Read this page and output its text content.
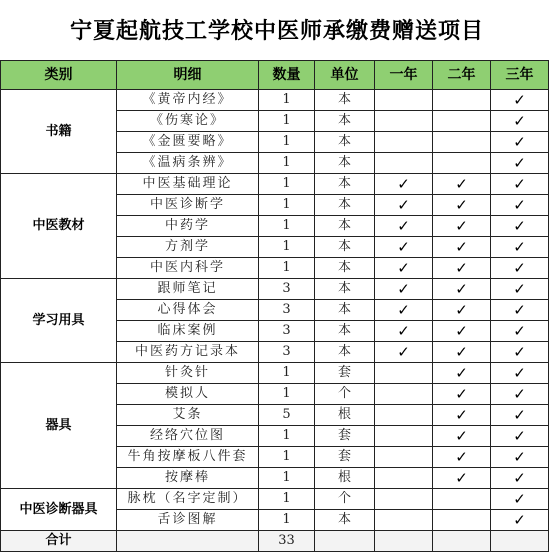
宁夏起航技工学校中医师承缴费赠送项目
类别	明细	数量	单位	一年	二年	三年
书籍	《黄帝内经》	1	本			✓
	《伤寒论》	1	本			✓
	《金匮要略》	1	本			✓
	《温病条辨》	1	本			✓
中医教材	中医基础理论	1	本	✓	✓	✓
	中医诊断学	1	本	✓	✓	✓
	中药学	1	本	✓	✓	✓
	方剂学	1	本	✓	✓	✓
	中医内科学	1	本	✓	✓	✓
学习用具	跟师笔记	3	本	✓	✓	✓
	心得体会	3	本	✓	✓	✓
	临床案例	3	本	✓	✓	✓
	中医药方记录本	3	本	✓	✓	✓
器具	针灸针	1	套		✓	✓
	模拟人	1	个		✓	✓
	艾条	5	根		✓	✓
	经络穴位图	1	套		✓	✓
	牛角按摩板八件套	1	套		✓	✓
	按摩棒	1	根		✓	✓
中医诊断器具	脉枕（名字定制）	1	个			✓
	舌诊图解	1	本			✓
合计		33				
